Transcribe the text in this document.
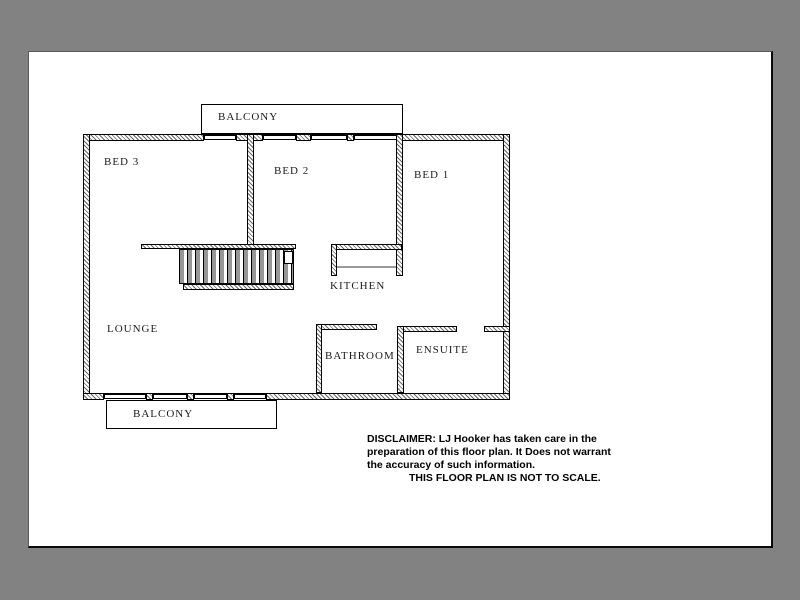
BALCONY
BALCONY
BED 3
BED 2	BED 1
KITCHEN
LOUNGE
BATHROOM ENSUITE
DISCLAIMER: LJ Hooker has taken care in the
preparation of this floor plan. It Does not warrant
the accuracy of such information.
THIS FLOOR PLAN IS NOT TO SCALE.
